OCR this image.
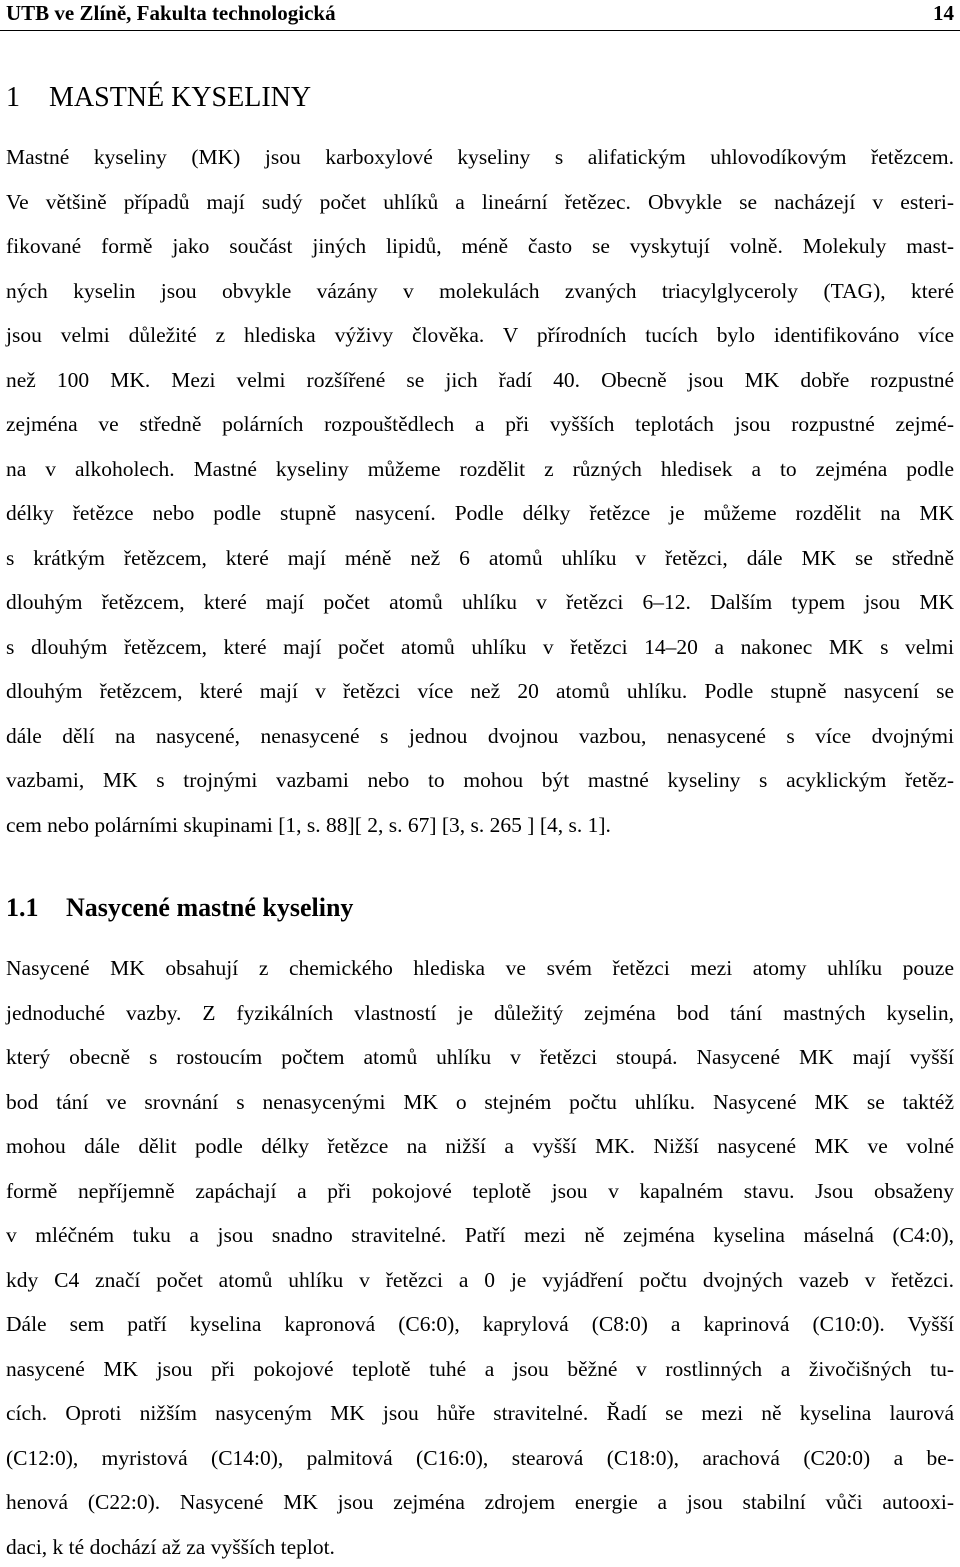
UTB ve Zlíně, Fakulta technologická	14
1 MASTNÉ KYSELINY
Mastné kyseliny (MK) jsou karboxylové kyseliny s alifatickým uhlovodíkovým řetězcem.
Ve většině případů mají sudý počet uhlíků a lineární řetězec. Obvykle se nacházejí v esteri-
fikované formě jako součást jiných lipidů, méně často se vyskytují volně. Molekuly mast-
ných kyselin jsou obvykle vázány v molekulách zvaných triacylglyceroly (TAG), které
jsou velmi důležité z hlediska výživy člověka. V přírodních tucích bylo identifikováno více
než 100 MK. Mezi velmi rozšířené se jich řadí 40. Obecně jsou MK dobře rozpustné
zejména ve středně polárních rozpouštědlech a při vyšších teplotách jsou rozpustné zejmé-
na v alkoholech. Mastné kyseliny můžeme rozdělit z různých hledisek a to zejména podle
délky řetězce nebo podle stupně nasycení. Podle délky řetězce je můžeme rozdělit na MK
s krátkým řetězcem, které mají méně než 6 atomů uhlíku v řetězci, dále MK se středně
dlouhým řetězcem, které mají počet atomů uhlíku v řetězci 6–12. Dalším typem jsou MK
s dlouhým řetězcem, které mají počet atomů uhlíku v řetězci 14–20 a nakonec MK s velmi
dlouhým řetězcem, které mají v řetězci více než 20 atomů uhlíku. Podle stupně nasycení se
dále dělí na nasycené, nenasycené s jednou dvojnou vazbou, nenasycené s více dvojnými
vazbami, MK s trojnými vazbami nebo to mohou být mastné kyseliny s acyklickým řetěz-
cem nebo polárními skupinami [1, s. 88][ 2, s. 67] [3, s. 265 ] [4, s. 1].
1.1 Nasycené mastné kyseliny
Nasycené MK obsahují z chemického hlediska ve svém řetězci mezi atomy uhlíku pouze
jednoduché vazby. Z fyzikálních vlastností je důležitý zejména bod tání mastných kyselin,
který obecně s rostoucím počtem atomů uhlíku v řetězci stoupá. Nasycené MK mají vyšší
bod tání ve srovnání s nenasycenými MK o stejném počtu uhlíku. Nasycené MK se taktéž
mohou dále dělit podle délky řetězce na nižší a vyšší MK. Nižší nasycené MK ve volné
formě nepříjemně zapáchají a při pokojové teplotě jsou v kapalném stavu. Jsou obsaženy
v mléčném tuku a jsou snadno stravitelné. Patří mezi ně zejména kyselina máselná (C4:0),
kdy C4 značí počet atomů uhlíku v řetězci a 0 je vyjádření počtu dvojných vazeb v řetězci.
Dále sem patří kyselina kapronová (C6:0), kaprylová (C8:0) a kaprinová (C10:0). Vyšší
nasycené MK jsou při pokojové teplotě tuhé a jsou běžné v rostlinných a živočišných tu-
cích. Oproti nižším nasyceným MK jsou hůře stravitelné. Řadí se mezi ně kyselina laurová
(C12:0), myristová (C14:0), palmitová (C16:0), stearová (C18:0), arachová (C20:0) a be-
henová (C22:0). Nasycené MK jsou zejména zdrojem energie a jsou stabilní vůči autooxi-
daci, k té dochází až za vyšších teplot.
